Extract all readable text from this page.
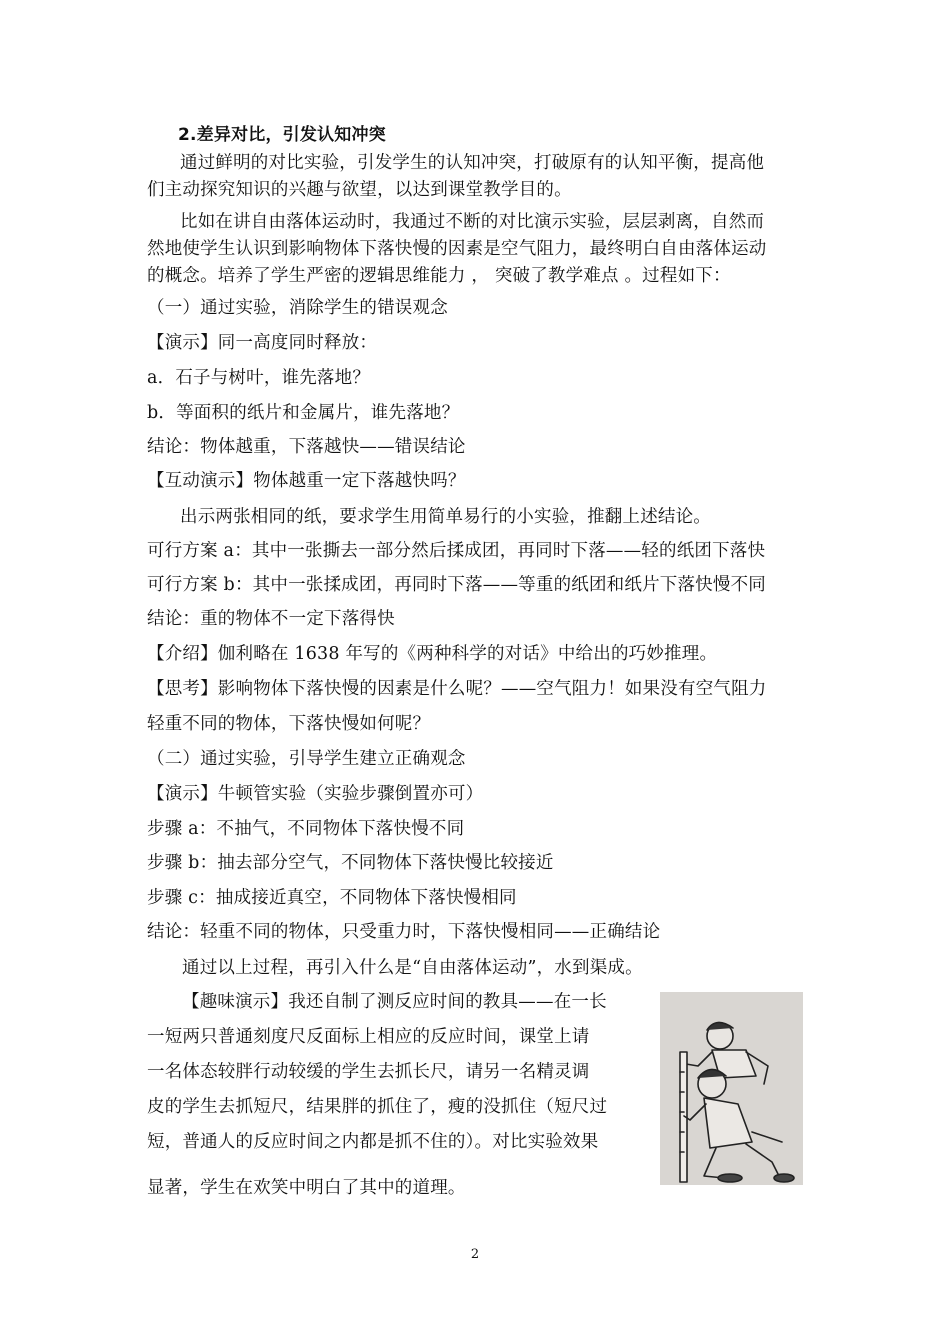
2.差异对比，引发认知冲突
通过鲜明的对比实验，引发学生的认知冲突，打破原有的认知平衡，提高他
们主动探究知识的兴趣与欲望，以达到课堂教学目的。
比如在讲自由落体运动时，我通过不断的对比演示实验，层层剥离，自然而
然地使学生认识到影响物体下落快慢的因素是空气阻力，最终明白自由落体运动
的概念。培养了学生严密的逻辑思维能力 ， 突破了教学难点 。过程如下：
（一）通过实验，消除学生的错误观念
【演示】同一高度同时释放：
a．石子与树叶，谁先落地？
b．等面积的纸片和金属片，谁先落地？
结论：物体越重，下落越快——错误结论
【互动演示】物体越重一定下落越快吗？
出示两张相同的纸，要求学生用简单易行的小实验，推翻上述结论。
可行方案 a：其中一张撕去一部分然后揉成团，再同时下落——轻的纸团下落快
可行方案 b：其中一张揉成团，再同时下落——等重的纸团和纸片下落快慢不同
结论：重的物体不一定下落得快
【介绍】伽利略在 1638 年写的《两种科学的对话》中给出的巧妙推理。
【思考】影响物体下落快慢的因素是什么呢？——空气阻力！如果没有空气阻力
轻重不同的物体，下落快慢如何呢？
（二）通过实验，引导学生建立正确观念
【演示】牛顿管实验（实验步骤倒置亦可）
步骤 a：不抽气，不同物体下落快慢不同
步骤 b：抽去部分空气，不同物体下落快慢比较接近
步骤 c：抽成接近真空，不同物体下落快慢相同
结论：轻重不同的物体，只受重力时，下落快慢相同——正确结论
通过以上过程，再引入什么是“自由落体运动”，水到渠成。
【趣味演示】我还自制了测反应时间的教具——在一长
一短两只普通刻度尺反面标上相应的反应时间，课堂上请
一名体态较胖行动较缓的学生去抓长尺，请另一名精灵调
皮的学生去抓短尺，结果胖的抓住了，瘦的没抓住（短尺过
短，普通人的反应时间之内都是抓不住的）。对比实验效果
显著，学生在欢笑中明白了其中的道理。
2
